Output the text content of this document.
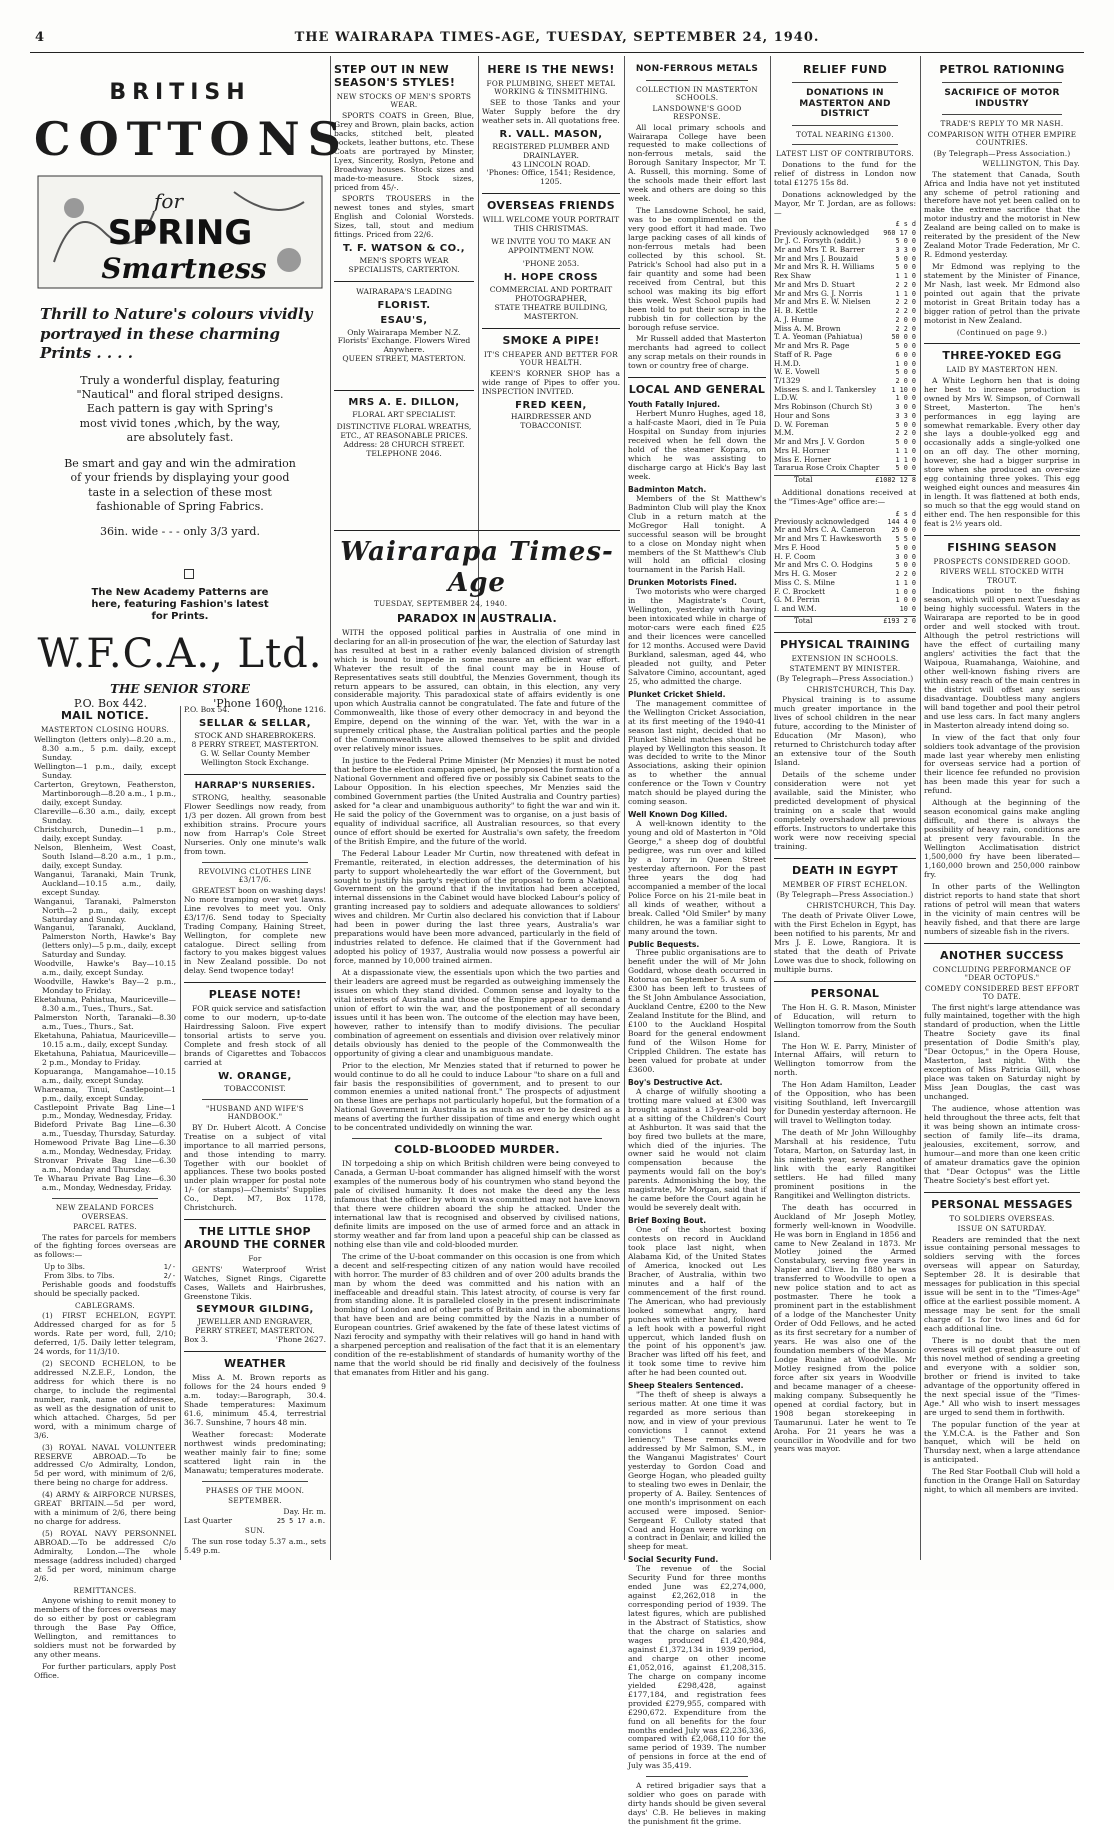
4	THE WAIRARAPA TIMES-AGE, TUESDAY, SEPTEMBER 24, 1940.
BRITISH
COTTONS
for
SPRING
Smartness
Thrill to Nature's colours vividly portrayed in these charming Prints . . . .
Truly a wonderful display, featuring "Nautical" and floral striped designs. Each pattern is gay with Spring's most vivid tones ,which, by the way, are absolutely fast.
Be smart and gay and win the admiration of your friends by displaying your good taste in a selection of these most fashionable of Spring Fabrics.
36in. wide - - - only 3/3 yard.
The New Academy Patterns are here, featuring Fashion's latest for Prints.
W.F.C.A., Ltd.
THE SENIOR STORE
P.O. Box 442.	'Phone 1600.
MAIL NOTICE.
MASTERTON CLOSING HOURS.
Wellington (letters only)—8.20 a.m., 8.30 a.m., 5 p.m. daily, except Sunday.
Wellington—1 p.m., daily, except Sunday.
Carterton, Greytown, Featherston, Martinborough—8.20 a.m., 1 p.m., daily, except Sunday.
Clareville—6.30 a.m., daily, except Sunday.
Christchurch, Dunedin—1 p.m., daily, except Sunday.
Nelson, Blenheim, West Coast, South Island—8.20 a.m., 1 p.m., daily, except Sunday.
Wanganui, Taranaki, Main Trunk, Auckland—10.15 a.m., daily, except Sunday.
Wanganui, Taranaki, Palmerston North—2 p.m., daily, except Saturday and Sunday.
Wanganui, Taranaki, Auckland, Palmerston North, Hawke's Bay (letters only)—5 p.m., daily, except Saturday and Sunday.
Woodville, Hawke's Bay—10.15 a.m., daily, except Sunday.
Woodville, Hawke's Bay—2 p.m., Monday to Friday.
Eketahuna, Pahiatua, Mauriceville—8.30 a.m., Tues., Thurs., Sat.
Palmerston North, Taranaki—8.30 a.m., Tues., Thurs., Sat.
Eketahuna, Pahiatua, Mauriceville—10.15 a.m., daily, except Sunday.
Eketahuna, Pahiatua, Mauriceville—2 p.m., Monday to Friday.
Kopuaranga, Mangamahoe—10.15 a.m., daily, except Sunday.
Whareama, Tinui, Castlepoint—1 p.m., daily, except Sunday.
Castlepoint Private Bag Line—1 p.m., Monday, Wednesday, Friday.
Bideford Private Bag Line—6.30 a.m., Tuesday, Thursday, Saturday.
Homewood Private Bag Line—6.30 a.m., Monday, Wednesday, Friday.
Stronvar Private Bag Line—6.30 a.m., Monday and Thursday.
Te Wharau Private Bag Line—6.30 a.m., Monday, Wednesday, Friday.
NEW ZEALAND FORCES OVERSEAS.
PARCEL RATES.

The rates for parcels for members of the fighting forces overseas are as follows:—

Up to 3lbs.	1/-
From 3lbs. to 7lbs.	2/-

Perishable goods and foodstuffs should be specially packed.

CABLEGRAMS.

(1) FIRST ECHELON, EGYPT. Addressed charged for as for 5 words. Rate per word, full, 2/10; deferred, 1/5. Daily letter telegram, 24 words, for 11/3/10.

(2) SECOND ECHELON, to be addressed N.Z.E.F., London, the address for which there is no charge, to include the regimental number, rank, name of addressee, as well as the designation of unit to which attached. Charges, 5d per word, with a minimum charge of 3/6.

(3) ROYAL NAVAL VOLUNTEER RESERVE ABROAD.—To be addressed C/o Admiralty, London, 5d per word, with minimum of 2/6, there being no charge for address.

(4) ARMY & AIRFORCE NURSES, GREAT BRITAIN.—5d per word, with a minimum of 2/6, there being no charge for address.

(5) ROYAL NAVY PERSONNEL ABROAD.—To be addressed C/o Admiralty, London.—The whole message (address included) charged at 5d per word, minimum charge 2/6.

REMITTANCES.

Anyone wishing to remit money to members of the forces overseas may do so either by post or cablegram through the Base Pay Office, Wellington, and remittances to soldiers must not be forwarded by any other means.

For further particulars, apply Post Office.

P.O. Box 54.	'Phone 1216.
SELLAR & SELLAR,
STOCK AND SHAREBROKERS.
8 PERRY STREET, MASTERTON.
G. W. Sellar County Member Wellington Stock Exchange.
HARRAP'S NURSERIES.

STRONG, healthy, seasonable Flower Seedlings now ready, from 1/3 per dozen. All grown from best exhibition strains. Procure yours now from Harrap's Cole Street Nurseries. Only one minute's walk from town.

REVOLVING CLOTHES LINE £3/17/6.

GREATEST boon on washing days! No more tramping over wet lawns. Line revolves to meet you. Only £3/17/6. Send today to Specialty Trading Company, Haining Street, Wellington, for complete new catalogue. Direct selling from factory to you makes biggest values in New Zealand possible. Do not delay. Send twopence today!

PLEASE NOTE!

FOR quick service and satisfaction come to our modern, up-to-date Hairdressing Saloon. Five expert tonsorial artists to serve you. Complete and fresh stock of all brands of Cigarettes and Tobaccos carried at

W. ORANGE,
TOBACCONIST.
"HUSBAND AND WIFE'S HANDBOOK."

BY Dr. Hubert Alcott. A Concise Treatise on a subject of vital importance to all married persons, and those intending to marry. Together with our booklet of appliances. These two books posted under plain wrapper for postal note 1/- (or stamps)—Chemists' Supplies Co., Dept. M7, Box 1178, Christchurch.

THE LITTLE SHOP AROUND THE CORNER
For

GENTS' Waterproof Wrist Watches, Signet Rings, Cigarette Cases, Wallets and Hairbrushes, Greenstone Tikis.

SEYMOUR GILDING,
JEWELLER AND ENGRAVER,
PERRY STREET, MASTERTON.
Box 3.	'Phone 2627.
WEATHER

Miss A. M. Brown reports as follows for the 24 hours ended 9 a.m. today:—Barograph, 30.4. Shade temperatures: Maximum 61.6, minimum 45.4, terrestrial 36.7. Sunshine, 7 hours 48 min.

Weather forecast: Moderate northwest winds predominating; weather mainly fair to fine; some scattered light rain in the Manawatu; temperatures moderate.

PHASES OF THE MOON.
SEPTEMBER.
Day. Hr. m.
Last Quarter	25 5 17 a.m.
SUN.

The sun rose today 5.37 a.m., sets 5.49 p.m.

STEP OUT IN NEW SEASON'S STYLES!
NEW STOCKS OF MEN'S SPORTS WEAR.

SPORTS COATS in Green, Blue, Grey and Brown, plain backs, action backs, stitched belt, pleated pockets, leather buttons, etc. These Coats are portrayed by Minster, Lyex, Sincerity, Roslyn, Petone and Broadway houses. Stock sizes and made-to-measure. Stock sizes, priced from 45/-.

SPORTS TROUSERS in the newest tones and styles, smart English and Colonial Worsteds. Sizes, tall, stout and medium fittings. Priced from 22/6.

T. F. WATSON & CO.,
MEN'S SPORTS WEAR SPECIALISTS, CARTERTON.
WAIRARAPA'S LEADING
FLORIST.
ESAU'S,
Only Wairarapa Member N.Z. Florists' Exchange. Flowers Wired Anywhere.
QUEEN STREET, MASTERTON.
MRS A. E. DILLON,
FLORAL ART SPECIALIST.
DISTINCTIVE FLORAL WREATHS, ETC., AT REASONABLE PRICES. Address: 28 CHURCH STREET.
TELEPHONE 2046.
HERE IS THE NEWS!
FOR PLUMBING, SHEET METAL WORKING & TINSMITHING.

SEE to those Tanks and your Water Supply before the dry weather sets in. All quotations free.

R. VALL. MASON,
REGISTERED PLUMBER AND DRAINLAYER.
43 LINCOLN ROAD.
'Phones: Office, 1541; Residence, 1205.
OVERSEAS FRIENDS
WILL WELCOME YOUR PORTRAIT THIS CHRISTMAS.
WE INVITE YOU TO MAKE AN APPOINTMENT NOW.
'PHONE 2053.
H. HOPE CROSS
COMMERCIAL AND PORTRAIT PHOTOGRAPHER,
STATE THEATRE BUILDING, MASTERTON.
SMOKE A PIPE!
IT'S CHEAPER AND BETTER FOR YOUR HEALTH.

KEEN'S KORNER SHOP has a wide range of Pipes to offer you. INSPECTION INVITED.

FRED KEEN,
HAIRDRESSER AND TOBACCONIST.
Wairarapa Times-Age
TUESDAY, SEPTEMBER 24, 1940.
PARADOX IN AUSTRALIA.

WITH the opposed political parties in Australia of one mind in declaring for an all-in prosecution of the war, the election of Saturday last has resulted at best in a rather evenly balanced division of strength which is bound to impede in some measure an efficient war effort. Whatever the result of the final count may be in House of Representatives seats still doubtful, the Menzies Government, though its return appears to be assured, can obtain, in this election, any very considerable majority. This paradoxical state of affairs evidently is one upon which Australia cannot be congratulated. The fate and future of the Commonwealth, like those of every other democracy in and beyond the Empire, depend on the winning of the war. Yet, with the war in a supremely critical phase, the Australian political parties and the people of the Commonwealth have allowed themselves to be split and divided over relatively minor issues.

In justice to the Federal Prime Minister (Mr Menzies) it must be noted that before the election campaign opened, he proposed the formation of a National Government and offered five or possibly six Cabinet seats to the Labour Opposition. In his election speeches, Mr Menzies said the combined Government parties (the United Australia and Country parties) asked for "a clear and unambiguous authority" to fight the war and win it. He said the policy of the Government was to organise, on a just basis of equality of individual sacrifice, all Australian resources, so that every ounce of effort should be exerted for Australia's own safety, the freedom of the British Empire, and the future of the world.

The Federal Labour Leader Mr Curtin, now threatened with defeat in Fremantle, reiterated, in election addresses, the determination of his party to support wholeheartedly the war effort of the Government, but sought to justify his party's rejection of the proposal to form a National Government on the ground that if the invitation had been accepted, internal dissensions in the Cabinet would have blocked Labour's policy of granting increased pay to soldiers and adequate allowances to soldiers' wives and children. Mr Curtin also declared his conviction that if Labour had been in power during the last three years, Australia's war preparations would have been more advanced, particularly in the field of industries related to defence. He claimed that if the Government had adopted his policy of 1937, Australia would now possess a powerful air force, manned by 10,000 trained airmen.

At a dispassionate view, the essentials upon which the two parties and their leaders are agreed must be regarded as outweighing immensely the issues on which they stand divided. Common sense and loyalty to the vital interests of Australia and those of the Empire appear to demand a union of effort to win the war, and the postponement of all secondary issues until it has been won. The outcome of the election may have been, however, rather to intensify than to modify divisions. The peculiar combination of agreement on essentials and division over relatively minor details obviously has denied to the people of the Commonwealth the opportunity of giving a clear and unambiguous mandate.

Prior to the election, Mr Menzies stated that if returned to power he would continue to do all he could to induce Labour "to share on a full and fair basis the responsibilities of government, and to present to our common enemies a united national front." The prospects of adjustment on these lines are perhaps not particularly hopeful, but the formation of a National Government in Australia is as much as ever to be desired as a means of averting the further dissipation of time and energy which ought to be concentrated undividedly on winning the war.

COLD-BLOODED MURDER.

IN torpedoing a ship on which British children were being conveyed to Canada, a German U-boat commander has aligned himself with the worst examples of the numerous body of his countrymen who stand beyond the pale of civilised humanity. It does not make the deed any the less infamous that the officer by whom it was committed may not have known that there were children aboard the ship he attacked. Under the international law that is recognised and observed by civilised nations, definite limits are imposed on the use of armed force and an attack in stormy weather and far from land upon a peaceful ship can be classed as nothing else than vile and cold-blooded murder.

The crime of the U-boat commander on this occasion is one from which a decent and self-respecting citizen of any nation would have recoiled with horror. The murder of 83 children and of over 200 adults brands the man by whom the deed was committed and his nation with an ineffaceable and dreadful stain. This latest atrocity, of course is very far from standing alone. It is paralleled closely in the present indiscriminate bombing of London and of other parts of Britain and in the abominations that have been and are being committed by the Nazis in a number of European countries. Grief awakened by the fate of these latest victims of Nazi ferocity and sympathy with their relatives will go hand in hand with a sharpened perception and realisation of the fact that it is an elementary condition of the re-establishment of standards of humanity worthy of the name that the world should be rid finally and decisively of the foulness that emanates from Hitler and his gang.

NON-FERROUS METALS
COLLECTION IN MASTERTON SCHOOLS.
LANSDOWNE'S GOOD RESPONSE.

All local primary schools and Wairarapa College have been requested to make collections of non-ferrous metals, said the Borough Sanitary Inspector, Mr T. A. Russell, this morning. Some of the schools made their effort last week and others are doing so this week.

The Lansdowne School, he said, was to be complimented on the very good effort it had made. Two large packing cases of all kinds of non-ferrous metals had been collected by this school. St. Patrick's School had also put in a fair quantity and some had been received from Central, but this school was making its big effort this week. West School pupils had been told to put their scrap in the rubbish tin for collection by the borough refuse service.

Mr Russell added that Masterton merchants had agreed to collect any scrap metals on their rounds in town or country free of charge.

LOCAL AND GENERAL
Youth Fatally Injured.

Herbert Munro Hughes, aged 18, a half-caste Maori, died in Te Puia Hospital on Sunday from injuries received when he fell down the hold of the steamer Kopara, on which he was assisting to discharge cargo at Hick's Bay last week.

Badminton Match.

Members of the St Matthew's Badminton Club will play the Knox Club in a return match at the McGregor Hall tonight. A successful season will be brought to a close on Monday night when members of the St Matthew's Club will hold an official closing tournament in the Parish Hall.

Drunken Motorists Fined.

Two motorists who were charged in the Magistrate's Court, Wellington, yesterday with having been intoxicated while in charge of motor-cars were each fined £25 and their licences were cancelled for 12 months. Accused were David Burkland, salesman, aged 44, who pleaded not guilty, and Peter Salvatore Cimino, accountant, aged 25, who admitted the charge.

Plunket Cricket Shield.

The management committee of the Wellington Cricket Association, at its first meeting of the 1940-41 season last night, decided that no Plunket Shield matches should be played by Wellington this season. It was decided to write to the Minor Associations, asking their opinion as to whether the annual conference or the Town v Country match should be played during the coming season.

Well Known Dog Killed.

A well-known identity to the young and old of Masterton in "Old George," a sheep dog of doubtful pedigree, was run over and killed by a lorry in Queen Street yesterday afternoon. For the past three years the dog had accompanied a member of the local Police Force on his 21-mile beat in all kinds of weather, without a break. Called "Old Smiler" by many children, he was a familiar sight to many around the town.

Public Bequests.

Three public organisations are to benefit under the will of Mr John Goddard, whose death occurred in Rotorua on September 5. A sum of £300 has been left to trustees of the St John Ambulance Association, Auckland Centre, £200 to the New Zealand Institute for the Blind, and £100 to the Auckland Hospital Board for the general endowment fund of the Wilson Home for Crippled Children. The estate has been valued for probate at under £3600.

Boy's Destructive Act.

A charge of wilfully shooting a trotting mare valued at £300 was brought against a 13-year-old boy at a sitting of the Children's Court at Ashburton. It was said that the boy fired two bullets at the mare, which died of the injuries. The owner said he would not claim compensation because the payments would fall on the boy's parents. Admonishing the boy, the magistrate, Mr Morgan, said that if he came before the Court again he would be severely dealt with.

Brief Boxing Bout.

One of the shortest boxing contests on record in Auckland took place last night, when Alabama Kid, of the United States of America, knocked out Les Bracher, of Australia, within two minutes and a half of the commencement of the first round. The American, who had previously looked somewhat angry, hard punches with either hand, followed a left hook with a powerful right uppercut, which landed flush on the point of his opponent's jaw. Bracher was lifted off his feet, and it took some time to revive him after he had been counted out.

Sheep Stealers Sentenced.

"The theft of sheep is always a serious matter. At one time it was regarded as more serious than now, and in view of your previous convictions I cannot extend leniency." These remarks were addressed by Mr Salmon, S.M., in the Wanganui Magistrates' Court yesterday to Gordon Coad and George Hogan, who pleaded guilty to stealing two ewes in Denlair, the property of A. Bailey. Sentences of one month's imprisonment on each accused were imposed. Senior-Sergeant F. Culloty stated that Coad and Hogan were working on a contract in Denlair, and killed the sheep for meat.

Social Security Fund.

The revenue of the Social Security Fund for three months ended June was £2,274,000, against £2,262,018 in the corresponding period of 1939. The latest figures, which are published in the Abstract of Statistics, show that the charge on salaries and wages produced £1,420,984, against £1,372,134 in 1939 period, and charge on other income £1,052,016, against £1,208,315. The charge on company income yielded £298,428, against £177,184, and registration fees provided £279,955, compared with £290,672. Expenditure from the fund on all benefits for the four months ended July was £2,236,336, compared with £2,068,110 for the same period of 1939. The number of pensions in force at the end of July was 35,419.

A retired brigadier says that a soldier who goes on parade with dirty hands should be given several days' C.B. He believes in making the punishment fit the grime.

RELIEF FUND
DONATIONS IN MASTERTON AND DISTRICT
TOTAL NEARING £1300.
LATEST LIST OF CONTRIBUTORS.

Donations to the fund for the relief of distress in London now total £1275 15s 8d.

Donations acknowledged by the Mayor, Mr T. Jordan, are as follows:—

£ s d
Previously acknowledged	960 17 0
Dr J. C. Forsyth (addit.)	5 0 0
Mr and Mrs T. R. Barrer	3 3 0
Mr and Mrs J. Bouzaid	5 0 0
Mr and Mrs R. H. Williams	5 0 0
Rex Shaw	1 1 0
Mr and Mrs D. Stuart	2 2 0
Mr and Mrs G. J. Norris	1 1 0
Mr and Mrs E. W. Nielsen	2 2 0
H. B. Kettle	2 2 0
A. J. Hume	2 0 0
Miss A. M. Brown	2 2 0
T. A. Yeoman (Pahiatua)	50 0 0
Mr and Mrs R. Page	5 0 0
Staff of R. Page	6 0 0
H.M.D.	1 0 0
W. E. Vowell	5 0 0
T/1329	2 0 0
Misses S. and I. Tankersley	1 10 0
L.D.W.	1 0 0
Mrs Robinson (Church St)	3 0 0
Hour and Sons	3 3 0
D. W. Foreman	5 0 0
M.M.	2 2 0
Mr and Mrs J. V. Gordon	5 0 0
Mrs H. Horner	1 1 0
Miss E. Horner	1 1 0
Tararua Rose Croix Chapter	5 0 0
Total	£1082 12 8

Additional donations received at the "Times-Age" office are:—

£ s d
Previously acknowledged	144 4 0
Mr and Mrs C. A. Cameron	25 0 0
Mr and Mrs T. Hawkesworth	5 5 0
Mrs F. Hood	5 0 0
H. F. Coom	3 0 0
Mr and Mrs C. O. Hodgins	5 0 0
Mrs H. G. Moser	2 2 0
Miss C. S. Milne	1 1 0
F. C. Brockett	1 0 0
G. M. Perrin	1 0 0
I. and W.M.	10 0
Total	£193 2 0
PHYSICAL TRAINING
EXTENSION IN SCHOOLS.
STATEMENT BY MINISTER.
(By Telegraph—Press Association.)
CHRISTCHURCH, This Day.

Physical training is to assume much greater importance in the lives of school children in the near future, according to the Minister of Education (Mr Mason), who returned to Christchurch today after an extensive tour of the South Island.

Details of the scheme under consideration were not yet available, said the Minister, who predicted development of physical training on a scale that would completely overshadow all previous efforts. Instructors to undertake this work were now receiving special training.

DEATH IN EGYPT
MEMBER OF FIRST ECHELON.
(By Telegraph—Press Association.)
CHRISTCHURCH, This Day.

The death of Private Oliver Lowe, with the First Echelon in Egypt, has been notified to his parents, Mr and Mrs J. E. Lowe, Rangiora. It is stated that the death of Private Lowe was due to shock, following on multiple burns.

PERSONAL

The Hon H. G. R. Mason, Minister of Education, will return to Wellington tomorrow from the South Island.

The Hon W. E. Parry, Minister of Internal Affairs, will return to Wellington tomorrow from the north.

The Hon Adam Hamilton, Leader of the Opposition, who has been visiting Southland, left Invercargill for Dunedin yesterday afternoon. He will travel to Wellington today.

The death of Mr John Willoughby Marshall at his residence, Tutu Totara, Marton, on Saturday last, in his ninetieth year, severed another link with the early Rangitikei settlers. He had filled many prominent positions in the Rangitikei and Wellington districts.

The death has occurred in Auckland of Mr Joseph Motley, formerly well-known in Woodville. He was born in England in 1856 and came to New Zealand in 1873. Mr Motley joined the Armed Constabulary, serving five years in Napier and Clive. In 1880 he was transferred to Woodville to open a new police station and to act as postmaster. There he took a prominent part in the establishment of a lodge of the Manchester Unity Order of Odd Fellows, and he acted as its first secretary for a number of years. He was also one of the foundation members of the Masonic Lodge Ruahine at Woodville. Mr Motley resigned from the police force after six years in Woodville and became manager of a cheese-making company. Subsequently he opened at cordial factory, but in 1908 began storekeeping in Taumarunui. Later he went to Te Aroha. For 21 years he was a councillor in Woodville and for two years was mayor.

PETROL RATIONING
SACRIFICE OF MOTOR INDUSTRY
TRADE'S REPLY TO MR NASH.
COMPARISON WITH OTHER EMPIRE COUNTRIES.
(By Telegraph—Press Association.)
WELLINGTON, This Day.

The statement that Canada, South Africa and India have not yet instituted any scheme of petrol rationing and therefore have not yet been called on to make the extreme sacrifice that the motor industry and the motorist in New Zealand are being called on to make is reiterated by the president of the New Zealand Motor Trade Federation, Mr C. R. Edmond yesterday.

Mr Edmond was replying to the statement by the Minister of Finance, Mr Nash, last week. Mr Edmond also pointed out again that the private motorist in Great Britain today has a bigger ration of petrol than the private motorist in New Zealand.

(Continued on page 9.)
THREE-YOKED EGG
LAID BY MASTERTON HEN.

A White Leghorn hen that is doing her best to increase production is owned by Mrs W. Simpson, of Cornwall Street, Masterton. The hen's performances in egg laying are somewhat remarkable. Every other day she lays a double-yolked egg and occasionally adds a single-yolked one on an off day. The other morning, however, she had a bigger surprise in store when she produced an over-size egg containing three yokes. This egg weighed eight ounces and measures 4in in length. It was flattened at both ends, so much so that the egg would stand on either end. The hen responsible for this feat is 2½ years old.

FISHING SEASON
PROSPECTS CONSIDERED GOOD.
RIVERS WELL STOCKED WITH TROUT.

Indications point to the fishing season, which will open next Tuesday as being highly successful. Waters in the Wairarapa are reported to be in good order and well stocked with trout. Although the petrol restrictions will have the effect of curtailing many anglers' activities the fact that the Waipoua, Ruamahanga, Waiohine, and other well-known fishing rivers are within easy reach of the main centres in the district will offset any serious disadvantage. Doubtless many anglers will band together and pool their petrol and use less cars. In fact many anglers in Masterton already intend doing so.

In view of the fact that only four soldiers took advantage of the provision made last year whereby men enlisting for overseas service had a portion of their licence fee refunded no provision has been made this year for such a refund.

Although at the beginning of the season economical gains make angling difficult, and there is always the possibility of heavy rain, conditions are at present very favourable. In the Wellington Acclimatisation district 1,500,000 fry have been liberated—1,160,000 brown and 250,000 rainbow fry.

In other parts of the Wellington district reports to hand state that short rations of petrol will mean that waters in the vicinity of main centres will be heavily fished, and that there are large numbers of sizeable fish in the rivers.

ANOTHER SUCCESS
CONCLUDING PERFORMANCE OF "DEAR OCTOPUS."
COMEDY CONSIDERED BEST EFFORT TO DATE.

The first night's large attendance was fully maintained, together with the high standard of production, when the Little Theatre Society gave its final presentation of Dodie Smith's play, "Dear Octopus," in the Opera House, Masterton, last night. With the exception of Miss Patricia Gill, whose place was taken on Saturday night by Miss Jean Douglas, the cast was unchanged.

The audience, whose attention was held throughout the three acts, felt that it was being shown an intimate cross-section of family life—its drama, jealousies, excitement, sorrow, and humour—and more than one keen critic of amateur dramatics gave the opinion that "Dear Octopus" was the Little Theatre Society's best effort yet.

PERSONAL MESSAGES
TO SOLDIERS OVERSEAS.
ISSUE ON SATURDAY.

Readers are reminded that the next issue containing personal messages to soldiers serving with the forces overseas will appear on Saturday, September 28. It is desirable that messages for publication in this special issue will be sent in to the "Times-Age" office at the earliest possible moment. A message may be sent for the small charge of 1s for two lines and 6d for each additional line.

There is no doubt that the men overseas will get great pleasure out of this novel method of sending a greeting and everyone with a soldier son, brother or friend is invited to take advantage of the opportunity offered in the next special issue of the "Times-Age." All who wish to insert messages are urged to send them in forthwith.

The popular function of the year at the Y.M.C.A. is the Father and Son banquet, which will be held on Thursday next, when a large attendance is anticipated.

The Red Star Football Club will hold a function in the Orange Hall on Saturday night, to which all members are invited.
